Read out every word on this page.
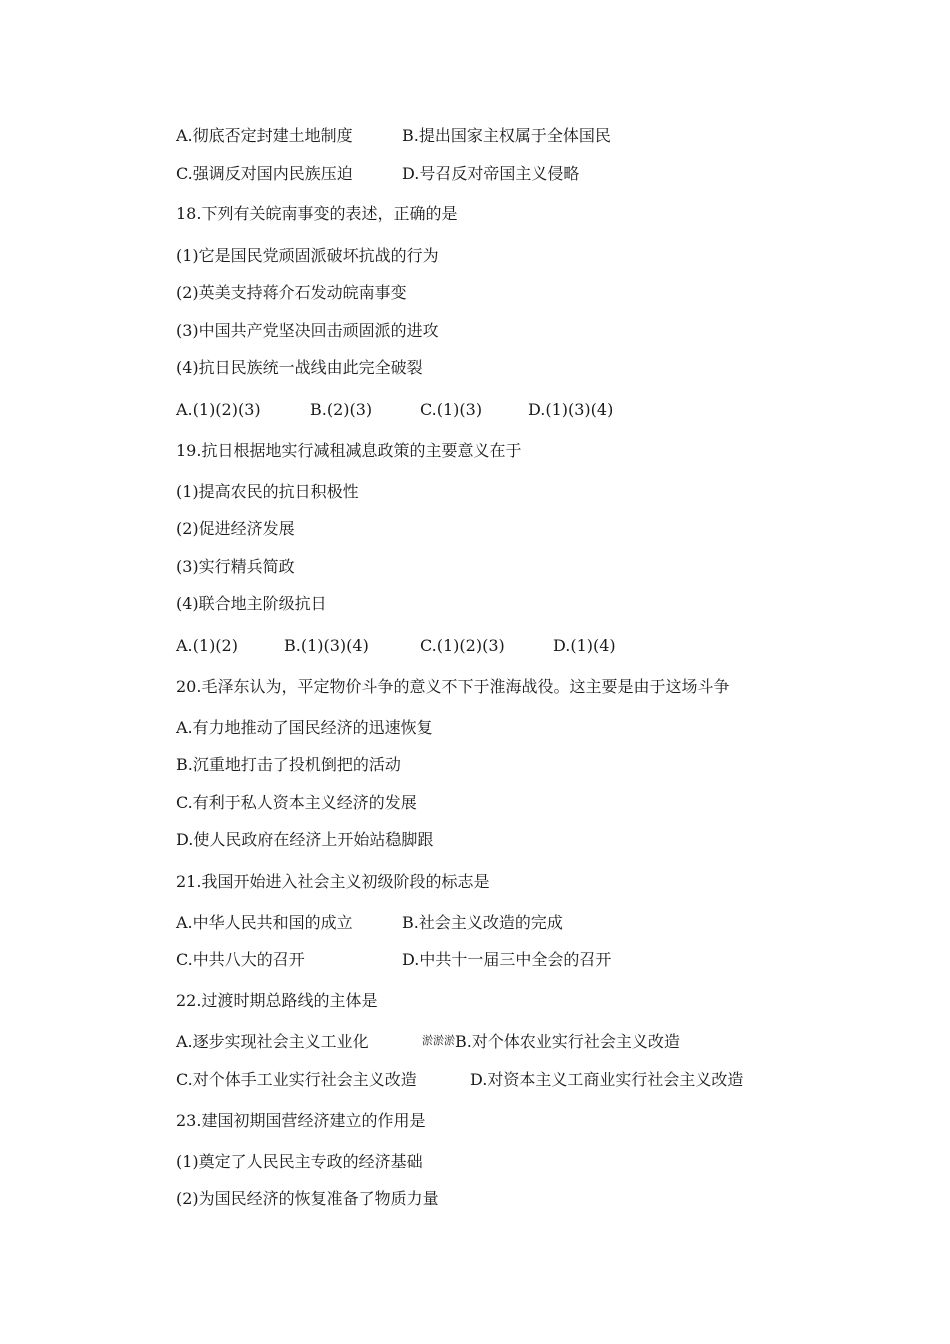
A.彻底否定封建土地制度	B.提出国家主权属于全体国民
C.强调反对国内民族压迫	D.号召反对帝国主义侵略
18.下列有关皖南事变的表述，正确的是
(1)它是国民党顽固派破坏抗战的行为
(2)英美支持蒋介石发动皖南事变
(3)中国共产党坚决回击顽固派的进攻
(4)抗日民族统一战线由此完全破裂
A.(1)(2)(3)	B.(2)(3)	C.(1)(3)	D.(1)(3)(4)
19.抗日根据地实行减租减息政策的主要意义在于
(1)提高农民的抗日积极性
(2)促进经济发展
(3)实行精兵简政
(4)联合地主阶级抗日
A.(1)(2)	B.(1)(3)(4)	C.(1)(2)(3)	D.(1)(4)
20.毛泽东认为，平定物价斗争的意义不下于淮海战役。这主要是由于这场斗争
A.有力地推动了国民经济的迅速恢复
B.沉重地打击了投机倒把的活动
C.有利于私人资本主义经济的发展
D.使人民政府在经济上开始站稳脚跟
21.我国开始进入社会主义初级阶段的标志是
A.中华人民共和国的成立	B.社会主义改造的完成
C.中共八大的召开	D.中共十一届三中全会的召开
22.过渡时期总路线的主体是
A.逐步实现社会主义工业化	淤淤淤B.对个体农业实行社会主义改造
C.对个体手工业实行社会主义改造	D.对资本主义工商业实行社会主义改造
23.建国初期国营经济建立的作用是
(1)奠定了人民民主专政的经济基础
(2)为国民经济的恢复准备了物质力量
